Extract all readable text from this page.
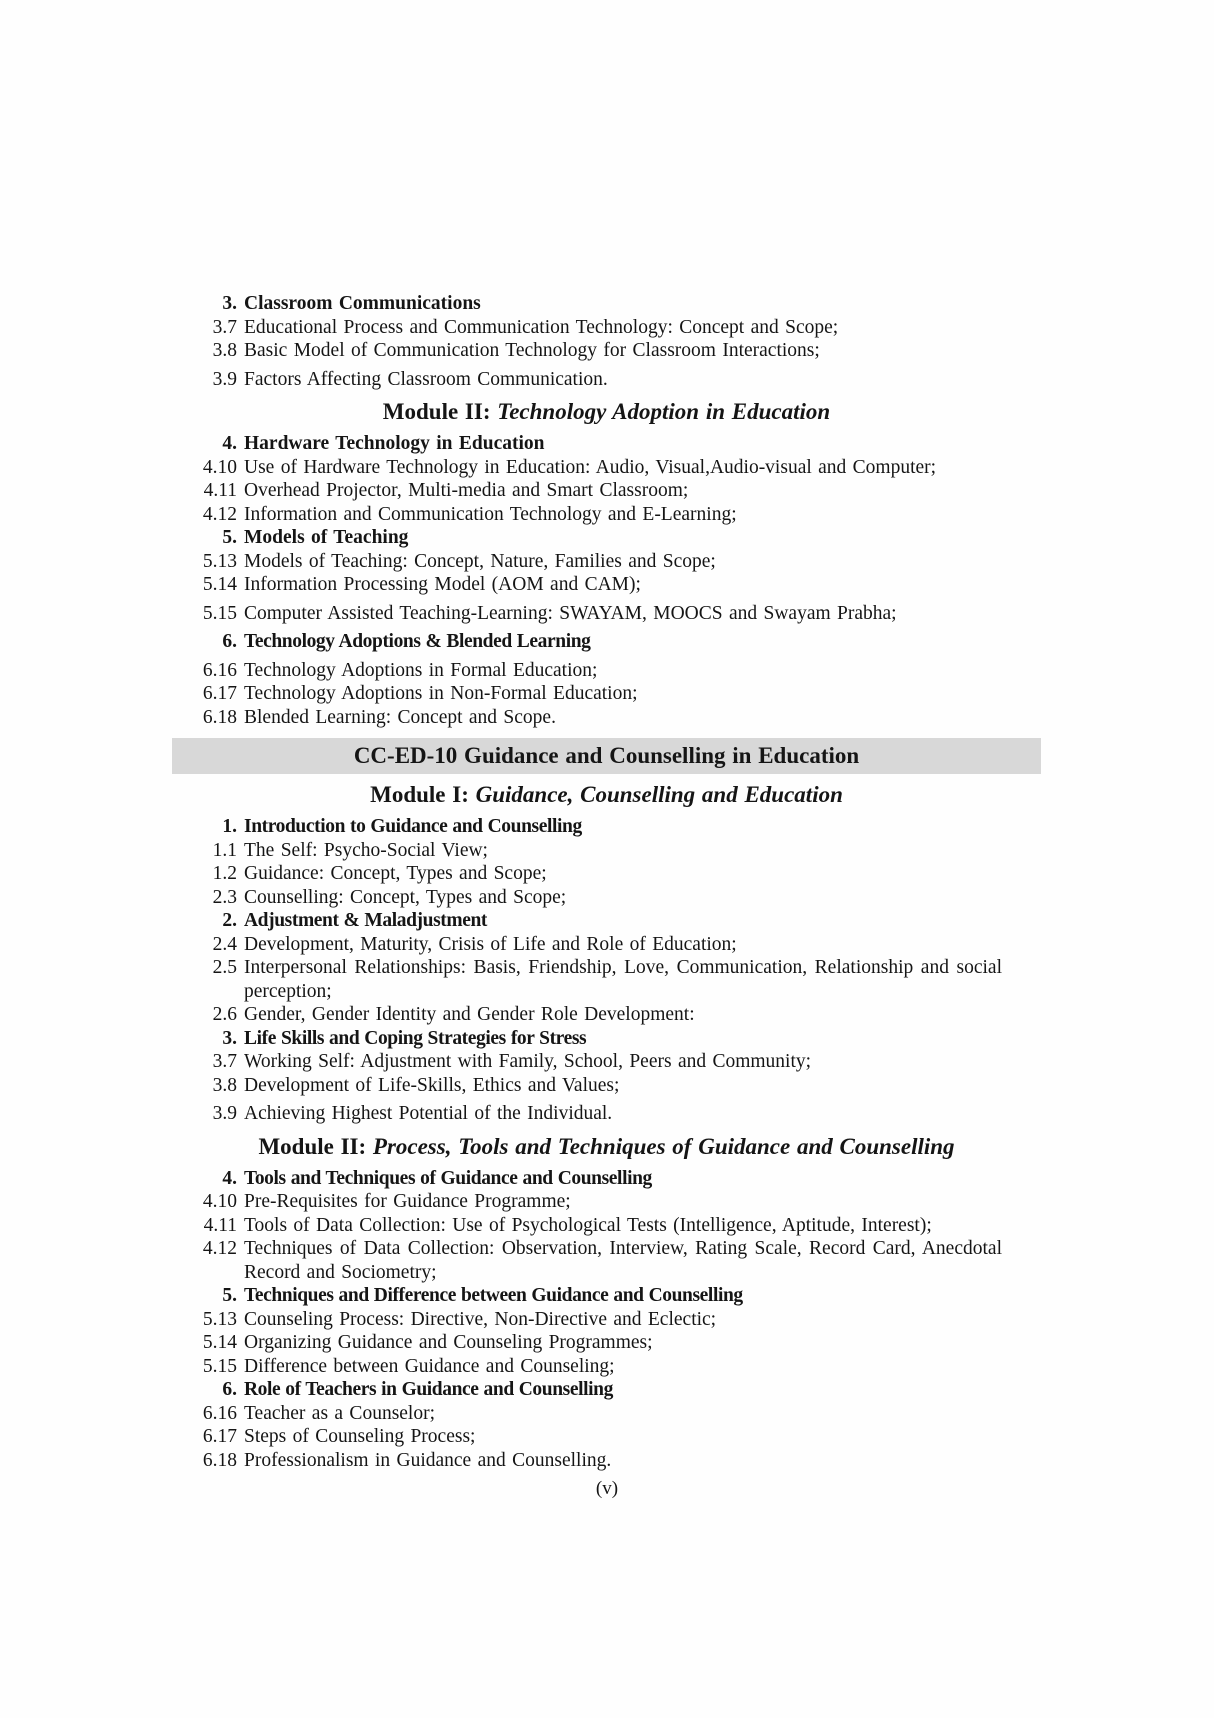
3. Classroom Communications
3.7 Educational Process and Communication Technology: Concept and Scope;
3.8 Basic Model of Communication Technology for Classroom Interactions;
3.9 Factors Affecting Classroom Communication.
Module II: Technology Adoption in Education
4. Hardware Technology in Education
4.10 Use of Hardware Technology in Education: Audio, Visual,Audio-visual and Computer;
4.11 Overhead Projector, Multi-media and Smart Classroom;
4.12 Information and Communication Technology and E-Learning;
5. Models of Teaching
5.13 Models of Teaching: Concept, Nature, Families and Scope;
5.14 Information Processing Model (AOM and CAM);
5.15 Computer Assisted Teaching-Learning: SWAYAM, MOOCS and Swayam Prabha;
6. Technology Adoptions & Blended Learning
6.16 Technology Adoptions in Formal Education;
6.17 Technology Adoptions in Non-Formal Education;
6.18 Blended Learning: Concept and Scope.
CC-ED-10 Guidance and Counselling in Education
Module I: Guidance, Counselling and Education
1. Introduction to Guidance and Counselling
1.1 The Self: Psycho-Social View;
1.2 Guidance: Concept, Types and Scope;
2.3 Counselling: Concept, Types and Scope;
2. Adjustment & Maladjustment
2.4 Development, Maturity, Crisis of Life and Role of Education;
2.5 Interpersonal Relationships: Basis, Friendship, Love, Communication, Relationship and social perception;
2.6 Gender, Gender Identity and Gender Role Development:
3. Life Skills and Coping Strategies for Stress
3.7 Working Self: Adjustment with Family, School, Peers and Community;
3.8 Development of Life-Skills, Ethics and Values;
3.9 Achieving Highest Potential of the Individual.
Module II: Process, Tools and Techniques of Guidance and Counselling
4. Tools and Techniques of Guidance and Counselling
4.10 Pre-Requisites for Guidance Programme;
4.11 Tools of Data Collection: Use of Psychological Tests (Intelligence, Aptitude, Interest);
4.12 Techniques of Data Collection: Observation, Interview, Rating Scale, Record Card, Anecdotal Record and Sociometry;
5. Techniques and Difference between Guidance and Counselling
5.13 Counseling Process: Directive, Non-Directive and Eclectic;
5.14 Organizing Guidance and Counseling Programmes;
5.15 Difference between Guidance and Counseling;
6. Role of Teachers in Guidance and Counselling
6.16 Teacher as a Counselor;
6.17 Steps of Counseling Process;
6.18 Professionalism in Guidance and Counselling.
(v)
